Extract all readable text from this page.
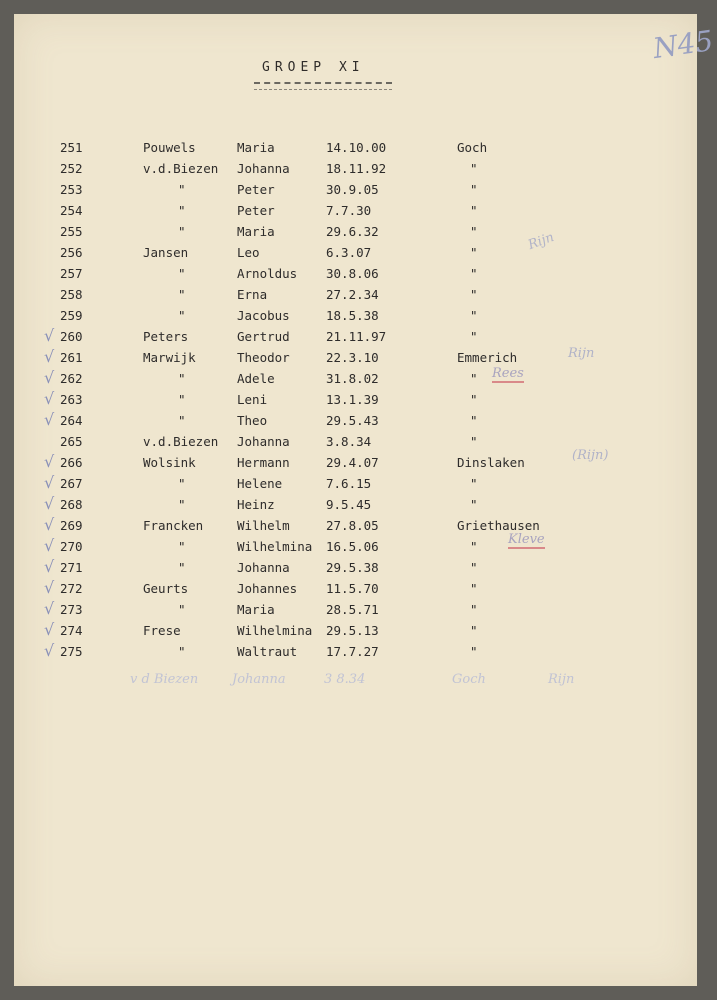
N45
GROEP XI
251	Pouwels	Maria	14.10.00	Goch
252	v.d.Biezen Johanna	18.11.92	"
253	"	Peter	30.9.05	"
254	"	Peter	7.7.30	"
255	"	Maria	29.6.32	"
256	Jansen	Leo	6.3.07	"
257	"	Arnoldus 30.8.06	"
258	"	Erna	27.2.34	"
259	"	Jacobus	18.5.38	"
√ 260	Peters	Gertrud	21.11.97	"
√ 261	Marwijk	Theodor	22.3.10	Emmerich
√ 262	"	Adele	31.8.02	"
√ 263	"	Leni	13.1.39	"
√ 264	"	Theo	29.5.43	"
265	v.d.Biezen Johanna	3.8.34	"
√ 266	Wolsink	Hermann	29.4.07	Dinslaken
√ 267	"	Helene	7.6.15	"
√ 268	"	Heinz	9.5.45	"
√ 269	Francken	Wilhelm	27.8.05	Griethausen
√ 270	"	Wilhelmina 16.5.06	"
√ 271	"	Johanna	29.5.38	"
√ 272	Geurts	Johannes 11.5.70	"
√ 273	"	Maria	28.5.71	"
√ 274	Frese	Wilhelmina 29.5.13	"
√ 275	"	Waltraut 17.7.27	"
Rees
Rijn
(Rijn)
Kleve
Rijn
v d Biezen	Johanna	3 8.34	Goch	Rijn
